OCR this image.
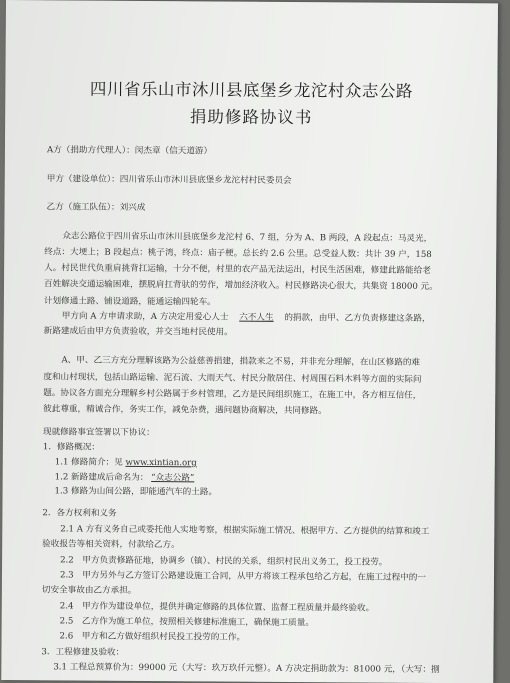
四川省乐山市沐川县底堡乡龙沱村众志公路
捐助修路协议书
A方（捐助方代理人）：闵杰章（信天道游）
甲方（建设单位）：四川省乐山市沐川县底堡乡龙沱村村民委员会
乙方（施工队伍）：刘兴成
众志公路位于四川省乐山市沐川县底堡乡龙沱村 6、7 组，分为 A、B 两段，A 段起点：马灵光，
终点：大埂上；B 段起点：桃子湾，终点：庙子梗。总长约 2.6 公里。总受益人数：共计 39 户，158
人。村民世代负重肩挑背扛运输，十分不便，村里的农产品无法运出，村民生活困难，修建此路能给老
百姓解决交通运输困难，摆脱肩扛背驮的劳作，增加经济收入。村民修路决心很大，共集资 18000 元。
计划修通土路、铺设道路，能通运输四轮车。
甲方向 A 方申请求助，A 方决定用爱心人士 六不人生 的捐款，由甲、乙方负责修建这条路，
新路建成后由甲方负责验收，并交当地村民使用。
A、甲、乙三方充分理解该路为公益慈善捐建，捐款来之不易，并非充分理解，在山区修路的难
度和山村现状，包括山路运输、泥石流、大雨天气、村民分散居住、村周围石料木料等方面的实际问
题。协议各方面充分理解乡村公路属于乡村管理，乙方是民间组织施工，在施工中，各方相互信任，
彼此尊重，精诚合作，务实工作，减免杂费，遇问题协商解决，共同修路。
现就修路事宜签署以下协议：
1．修路概况：
1.1 修路简介：见 www.xintian.org
1.2 新路建成后命名为： “众志公路”
1.3 修路为山间公路，即能通汽车的土路。
2．各方权利和义务
2.1 A 方有义务自己或委托他人实地考察，根据实际施工情况、根据甲方、乙方提供的结算和竣工
验收报告等相关资料，付款给乙方。
2.2　甲方负责修路征地，协调乡（镇）、村民的关系，组织村民出义务工，投工投劳。
2.3　甲方另外与乙方签订公路建设施工合同，从甲方将该工程承包给乙方起，在施工过程中的一
切安全事故由乙方承担。
2.4　甲方作为建设单位，提供并确定修路的具体位置、监督工程质量并最终验收。
2.5　乙方作为施工单位，按照相关修建标准施工，确保施工质量。
2.6　甲方和乙方做好组织村民投工投劳的工作。
3．工程修建及验收：
3.1 工程总预算价为：99000 元（大写：玖万玖仟元整）。A 方决定捐助款为：81000 元，（大写：捌
